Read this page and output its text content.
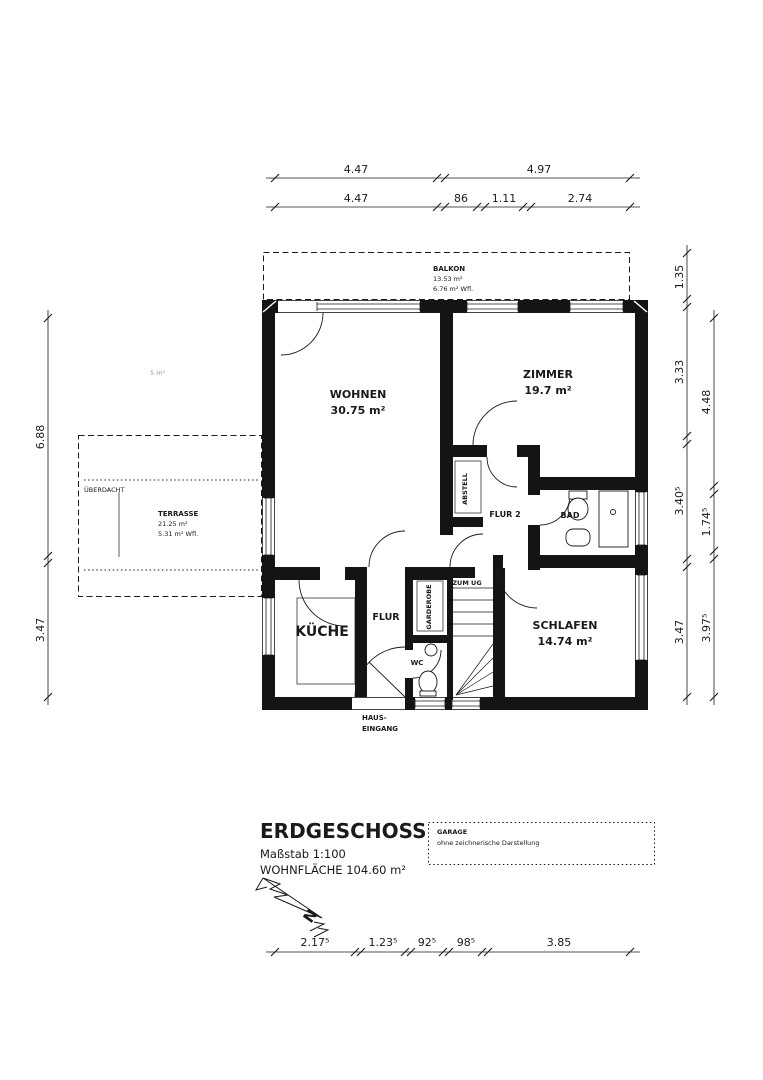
BALKON
13.53 m²
6.76 m² Wfl.
ÜBERDACHT
TERRASSE
21.25 m²
5.31 m² Wfl.
5 m²
WOHNEN
30.75 m²
ZIMMER
19.7 m²
SCHLAFEN
14.74 m²
KÜCHE
FLUR
FLUR 2	BAD
WC
ABSTELL
GARDEROBE
ZUM UG
HAUS-
EINGANG
4.47	4.97
4.47	86 1.11	2.74
2.17⁵	1.23⁵ 92⁵ 98⁵	3.85
6.88
3.47
1.35
3.33
3.40⁵
3.47
4.48
1.74⁵
3.97⁵
ERDGESCHOSS
Maßstab 1:100
WOHNFLÄCHE 104.60 m²
GARAGE
ohne zeichnerische Darstellung
N
